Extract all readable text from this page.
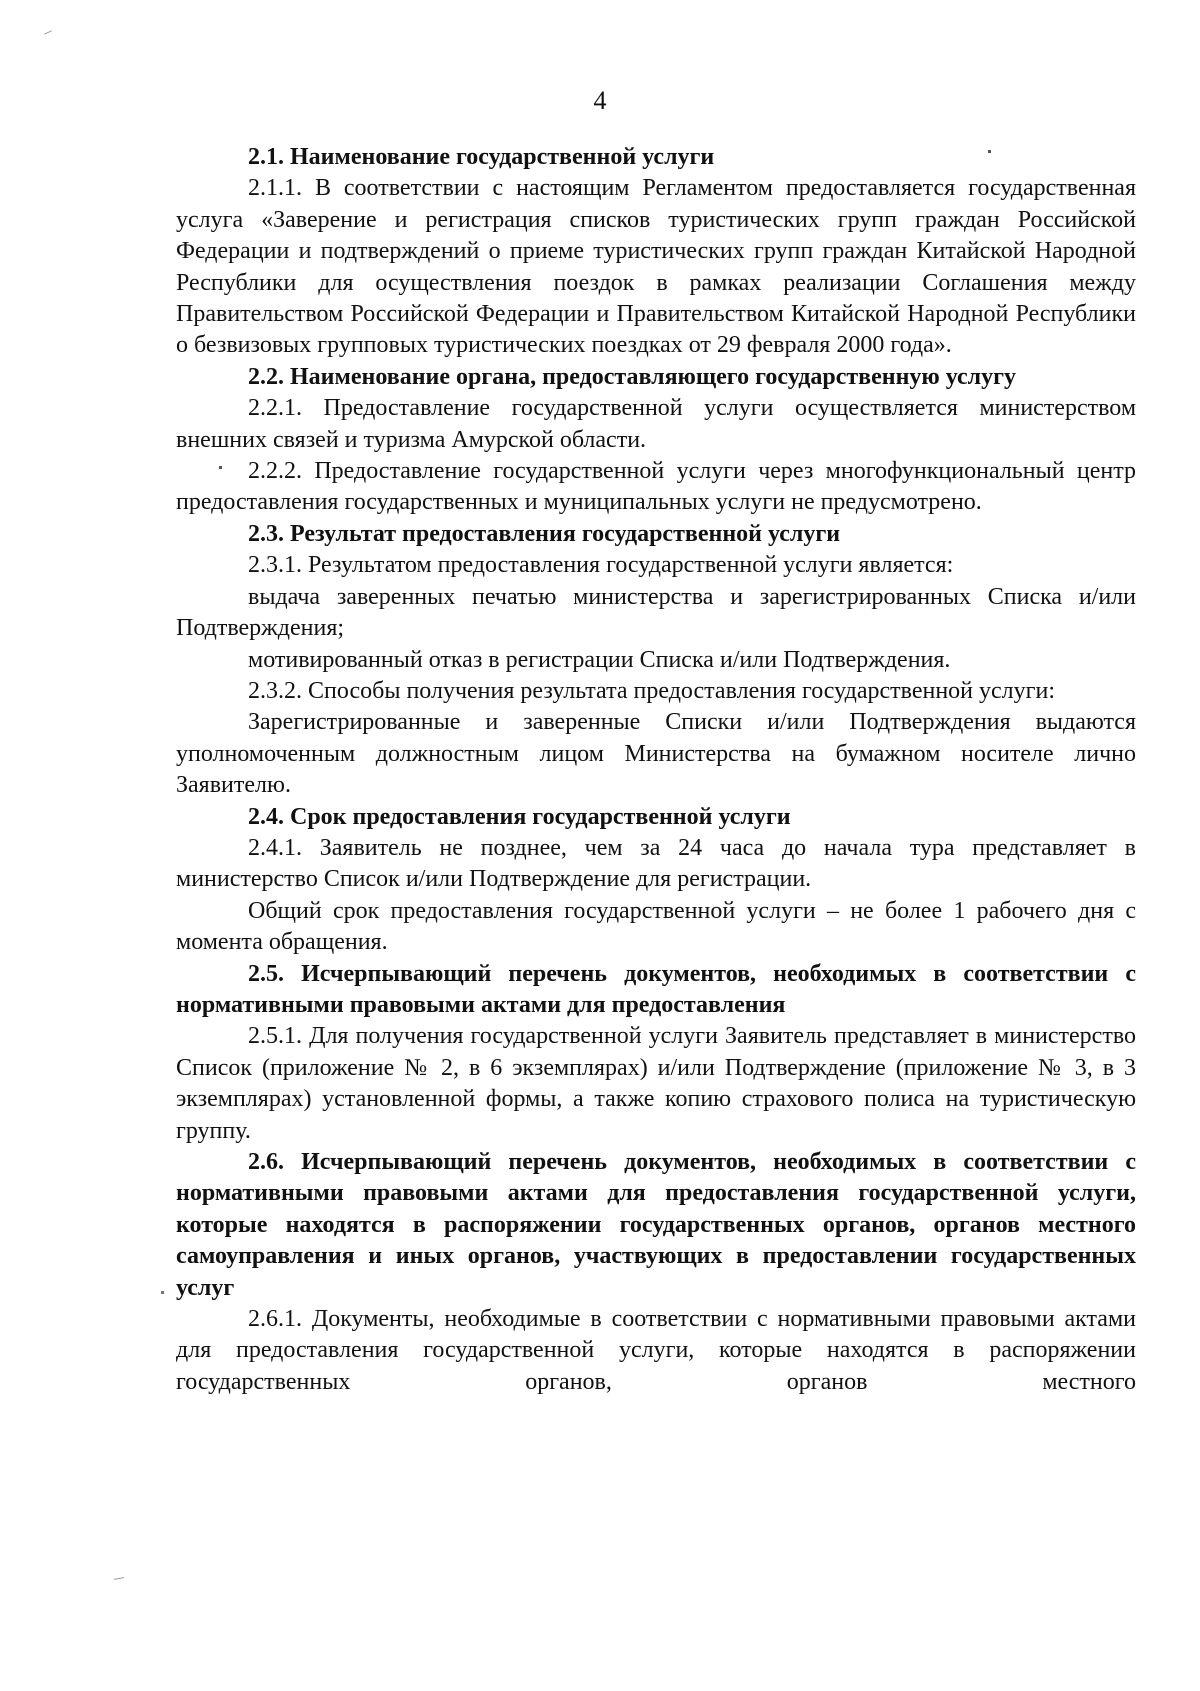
4

2.1. Наименование государственной услуги

2.1.1. В соответствии с настоящим Регламентом предоставляется государственная услуга «Заверение и регистрация списков туристических групп граждан Российской Федерации и подтверждений о приеме туристических групп граждан Китайской Народной Республики для осуществления поездок в рамках реализации Соглашения между Правительством Российской Федерации и Правительством Китайской Народной Республики о безвизовых групповых туристических поездках от 29 февраля 2000 года».

2.2. Наименование органа, предоставляющего государственную услугу

2.2.1. Предоставление государственной услуги осуществляется министерством внешних связей и туризма Амурской области.

2.2.2. Предоставление государственной услуги через многофункциональный центр предоставления государственных и муниципальных услуги не предусмотрено.

2.3. Результат предоставления государственной услуги

2.3.1. Результатом предоставления государственной услуги является:

выдача заверенных печатью министерства и зарегистрированных Списка и/или Подтверждения;

мотивированный отказ в регистрации Списка и/или Подтверждения.

2.3.2. Способы получения результата предоставления государственной услуги:

Зарегистрированные и заверенные Списки и/или Подтверждения выдаются уполномоченным должностным лицом Министерства на бумажном носителе лично Заявителю.

2.4. Срок предоставления государственной услуги

2.4.1. Заявитель не позднее, чем за 24 часа до начала тура представляет в министерство Список и/или Подтверждение для регистрации.

Общий срок предоставления государственной услуги – не более 1 рабочего дня с момента обращения.

2.5. Исчерпывающий перечень документов, необходимых в соответствии с нормативными правовыми актами для предоставления

2.5.1. Для получения государственной услуги Заявитель представляет в министерство Список (приложение № 2, в 6 экземплярах) и/или Подтверждение (приложение № 3, в 3 экземплярах) установленной формы, а также копию страхового полиса на туристическую группу.

2.6. Исчерпывающий перечень документов, необходимых в соответствии с нормативными правовыми актами для предоставления государственной услуги, которые находятся в распоряжении государственных органов, органов местного самоуправления и иных органов, участвующих в предоставлении государственных услуг

2.6.1. Документы, необходимые в соответствии с нормативными правовыми актами для предоставления государственной услуги, которые находятся в распоряжении государственных органов, органов местного
